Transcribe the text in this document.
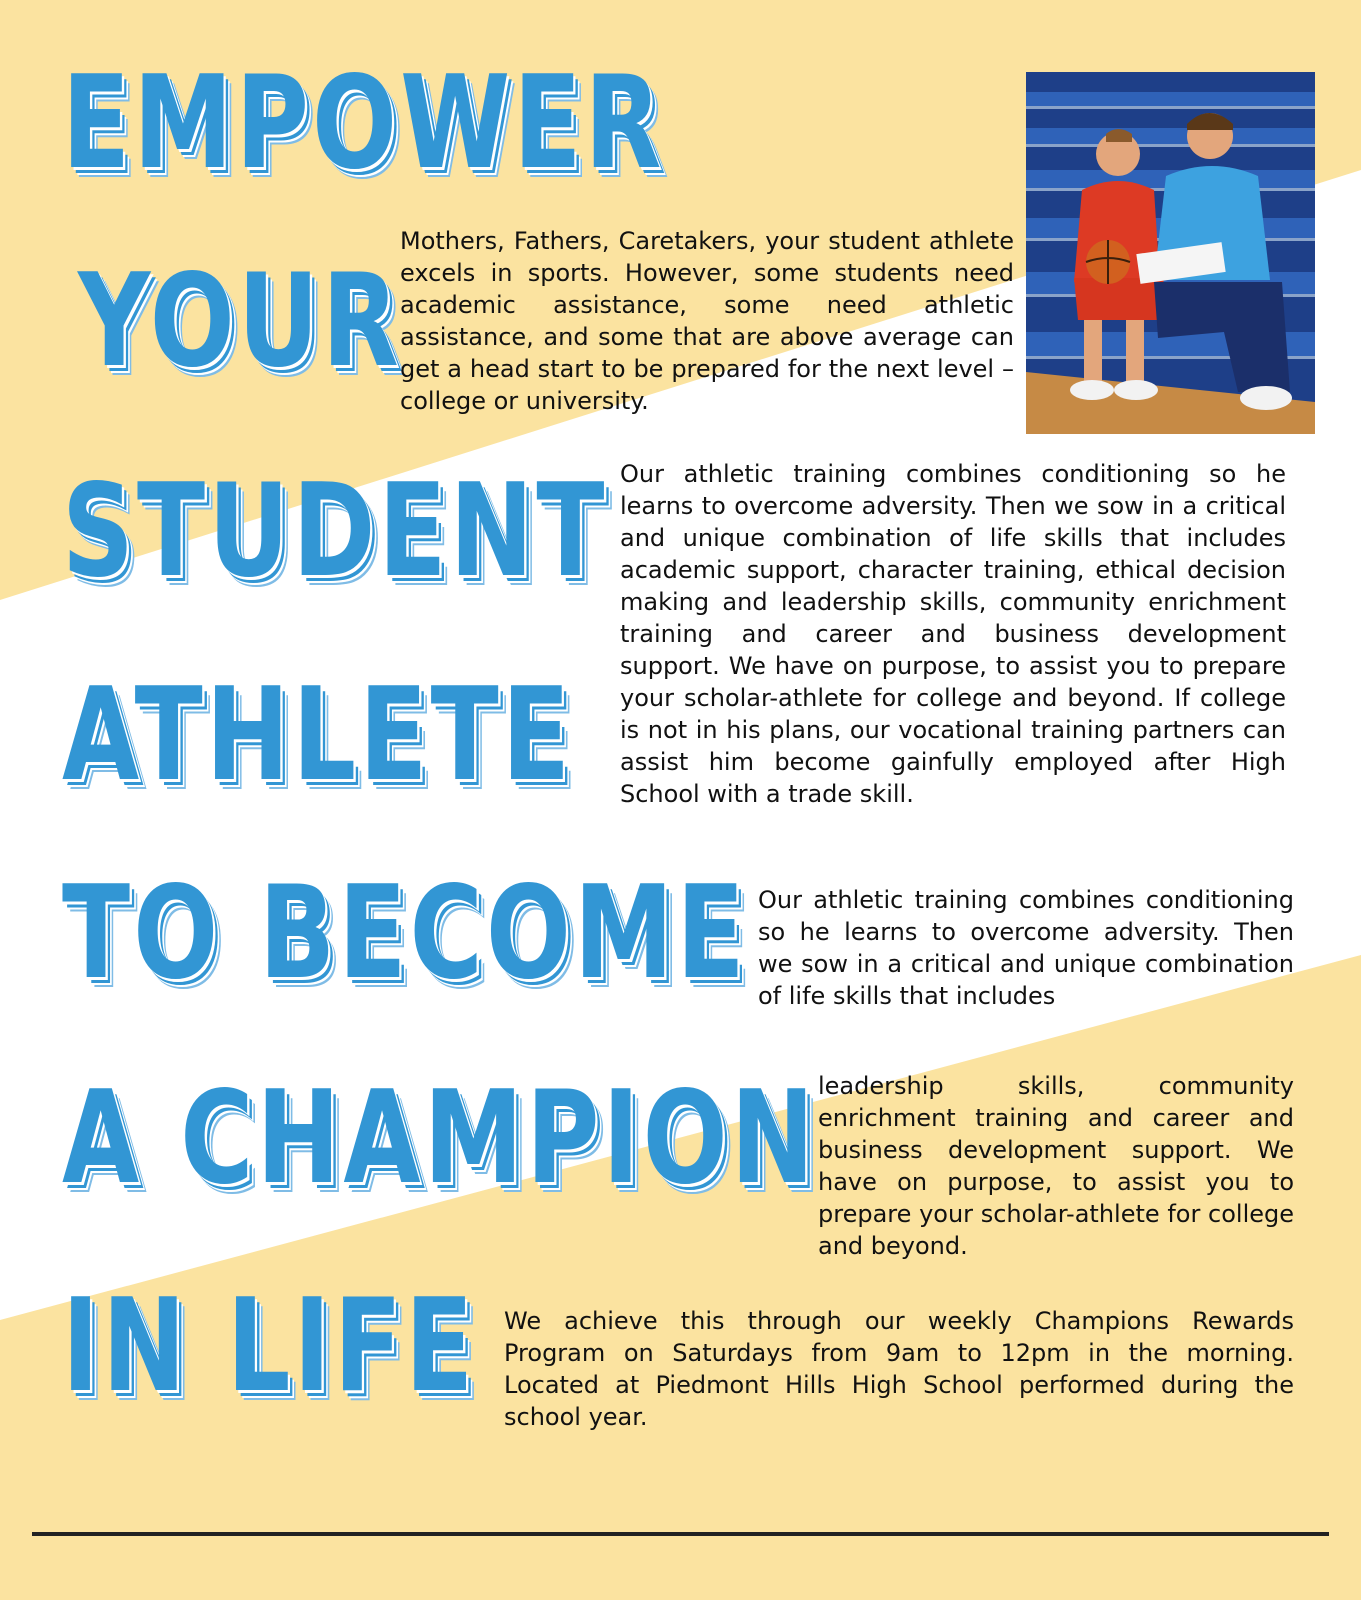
EMPOWER
YOUR
STUDENT
ATHLETE
TO BECOME
A CHAMPION
IN LIFE

Mothers, Fathers, Caretakers, your student athlete excels in sports. However, some students need academic assistance, some need athletic assistance, and some that are above average can get a head start to be prepared for the next level – college or university.

Our athletic training combines conditioning so he learns to overcome adversity. Then we sow in a critical and unique combination of life skills that includes academic support, character training, ethical decision making and leadership skills, community enrichment training and career and business development support. We have on purpose, to assist you to prepare your scholar-athlete for college and beyond. If college is not in his plans, our vocational training partners can assist him become gainfully employed after High School with a trade skill.

Our athletic training combines conditioning so he learns to overcome adversity. Then we sow in a critical and unique combination of life skills that includes

leadership skills, community enrichment training and career and business development support. We have on purpose, to assist you to prepare your scholar-athlete for college and beyond.

We achieve this through our weekly Champions Rewards Program on Saturdays from 9am to 12pm in the morning. Located at Piedmont Hills High School performed during the school year.
